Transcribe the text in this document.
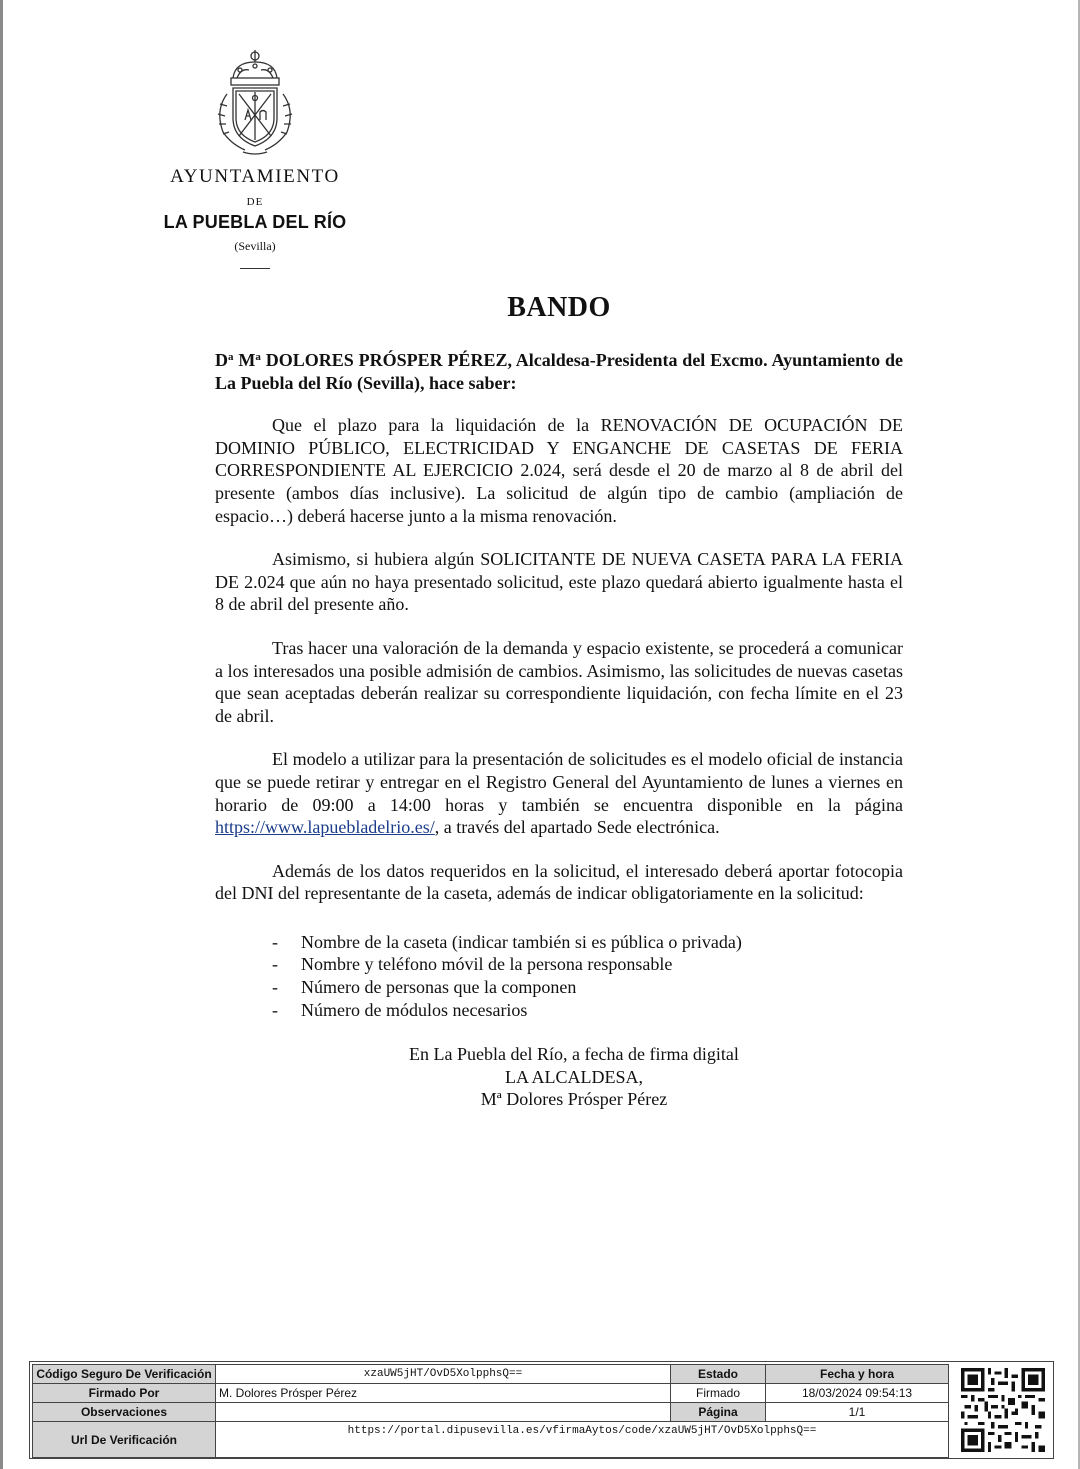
AYUNTAMIENTO
DE
LA PUEBLA DEL RÍO
(Sevilla)
BANDO

$D^a$ $M^a$ DOLORES PRÓSPER PÉREZ, Alcaldesa-Presidenta del Excmo. Ayuntamiento de La Puebla del Río (Sevilla), hace saber:

Que el plazo para la liquidación de la RENOVACIÓN DE OCUPACIÓN DE DOMINIO PÚBLICO, ELECTRICIDAD Y ENGANCHE DE CASETAS DE FERIA CORRESPONDIENTE AL EJERCICIO 2.024, será desde el 20 de marzo al 8 de abril del presente (ambos días inclusive). La solicitud de algún tipo de cambio (ampliación de espacio…) deberá hacerse junto a la misma renovación.

Asimismo, si hubiera algún SOLICITANTE DE NUEVA CASETA PARA LA FERIA DE 2.024 que aún no haya presentado solicitud, este plazo quedará abierto igualmente hasta el 8 de abril del presente año.

Tras hacer una valoración de la demanda y espacio existente, se procederá a comunicar a los interesados una posible admisión de cambios. Asimismo, las solicitudes de nuevas casetas que sean aceptadas deberán realizar su correspondiente liquidación, con fecha límite en el 23 de abril.

El modelo a utilizar para la presentación de solicitudes es el modelo oficial de instancia que se puede retirar y entregar en el Registro General del Ayuntamiento de lunes a viernes en horario de 09:00 a 14:00 horas y también se encuentra disponible en la página https://www.lapuebladelrio.es/, a través del apartado Sede electrónica.

Además de los datos requeridos en la solicitud, el interesado deberá aportar fotocopia del DNI del representante de la caseta, además de indicar obligatoriamente en la solicitud:

- Nombre de la caseta (indicar también si es pública o privada)
- Nombre y teléfono móvil de la persona responsable
- Número de personas que la componen
- Número de módulos necesarios
En La Puebla del Río, a fecha de firma digital
LA ALCALDESA,
Mª Dolores Prósper Pérez
Código Seguro De Verificación	xzaUW5jHT/OvD5XolpphsQ==	Estado	Fecha y hora
Firmado Por	M. Dolores Prósper Pérez	Firmado	18/03/2024 09:54:13
Observaciones		Página	1/1
Url De Verificación	https://portal.dipusevilla.es/vfirmaAytos/code/xzaUW5jHT/OvD5XolpphsQ==		
